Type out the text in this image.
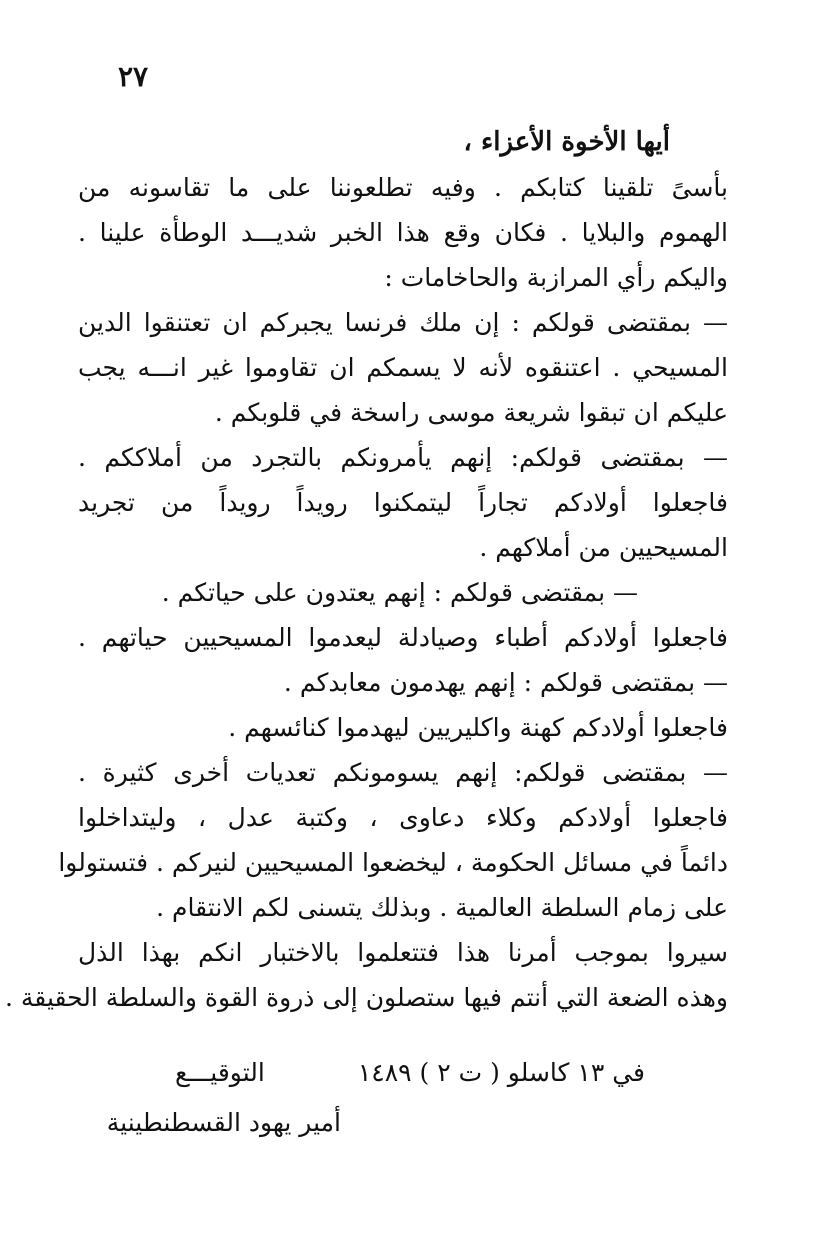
٢٧
أيها الأخوة الأعزاء ،
بأسىً تلقينا كتابكم . وفيه تطلعوننا على ما تقاسونه من
الهموم والبلايا . فكان وقع هذا الخبر شديـــد الوطأة علينا .
واليكم رأي المرازبة والحاخامات :
— بمقتضى قولكم : إن ملك فرنسا يجبركم ان تعتنقوا الدين
المسيحي . اعتنقوه لأنه لا يسمكم ان تقاوموا غير انـــه يجب
عليكم ان تبقوا شريعة موسى راسخة في قلوبكم .
— بمقتضى قولكم: إنهم يأمرونكم بالتجرد من أملاككم .
فاجعلوا أولادكم تجاراً ليتمكنوا رويداً رويداً من تجريد
المسيحيين من أملاكهم .
— بمقتضى قولكم : إنهم يعتدون على حياتكم .
فاجعلوا أولادكم أطباء وصيادلة ليعدموا المسيحيين حياتهم .
— بمقتضى قولكم : إنهم يهدمون معابدكم .
فاجعلوا أولادكم كهنة واكليريين ليهدموا كنائسهم .
— بمقتضى قولكم: إنهم يسومونكم تعديات أخرى كثيرة .
فاجعلوا أولادكم وكلاء دعاوى ، وكتبة عدل ، وليتداخلوا
دائماً في مسائل الحكومة ، ليخضعوا المسيحيين لنيركم . فتستولوا
على زمام السلطة العالمية . وبذلك يتسنى لكم الانتقام .
سيروا بموجب أمرنا هذا فتتعلموا بالاختبار انكم بهذا الذل
وهذه الضعة التي أنتم فيها ستصلون إلى ذروة القوة والسلطة الحقيقة .
في ١٣ كاسلو ( ت ٢ ) ١٤٨٩
التوقيـــع
أمير يهود القسطنطينية
